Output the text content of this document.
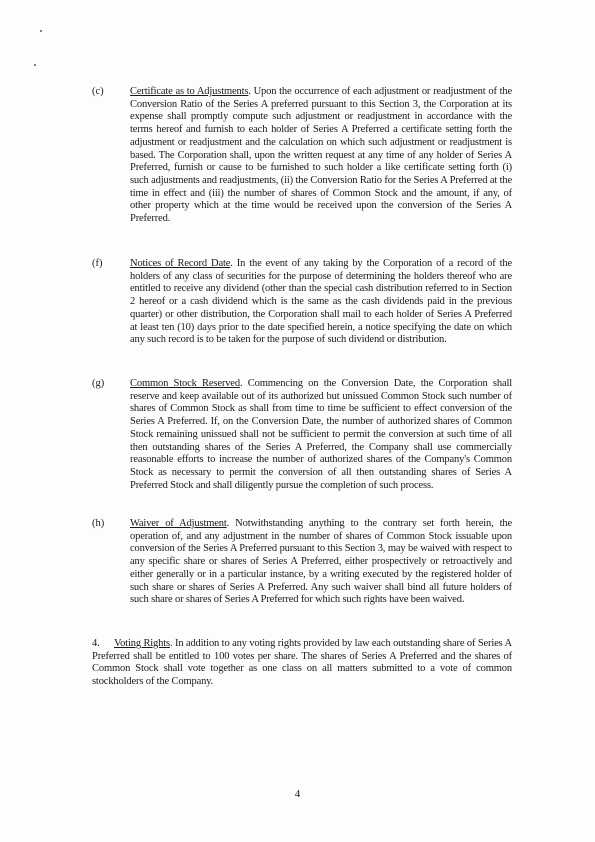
(c)	Certificate as to Adjustments. Upon the occurrence of each adjustment or readjustment of the Conversion Ratio of the Series A preferred pursuant to this Section 3, the Corporation at its expense shall promptly compute such adjustment or readjustment in accordance with the terms hereof and furnish to each holder of Series A Preferred a certificate setting forth the adjustment or readjustment and the calculation on which such adjustment or readjustment is based. The Corporation shall, upon the written request at any time of any holder of Series A Preferred, furnish or cause to be furnished to such holder a like certificate setting forth (i) such adjustments and readjustments, (ii) the Conversion Ratio for the Series A Preferred at the time in effect and (iii) the number of shares of Common Stock and the amount, if any, of other property which at the time would be received upon the conversion of the Series A Preferred.

(f)	Notices of Record Date. In the event of any taking by the Corporation of a record of the holders of any class of securities for the purpose of determining the holders thereof who are entitled to receive any dividend (other than the special cash distribution referred to in Section 2 hereof or a cash dividend which is the same as the cash dividends paid in the previous quarter) or other distribution, the Corporation shall mail to each holder of Series A Preferred at least ten (10) days prior to the date specified herein, a notice specifying the date on which any such record is to be taken for the purpose of such dividend or distribution.

(g) Common Stock Reserved. Commencing on the Conversion Date, the Corporation shall reserve and keep available out of its authorized but unissued Common Stock such number of shares of Common Stock as shall from time to time be sufficient to effect conversion of the Series A Preferred. If, on the Conversion Date, the number of authorized shares of Common Stock remaining unissued shall not be sufficient to permit the conversion at such time of all then outstanding shares of the Series A Preferred, the Company shall use commercially reasonable efforts to increase the number of authorized shares of the Company's Common Stock as necessary to permit the conversion of all then outstanding shares of Series A Preferred Stock and shall diligently pursue the completion of such process.

(h) Waiver of Adjustment. Notwithstanding anything to the contrary set forth herein, the operation of, and any adjustment in the number of shares of Common Stock issuable upon conversion of the Series A Preferred pursuant to this Section 3, may be waived with respect to any specific share or shares of Series A Preferred, either prospectively or retroactively and either generally or in a particular instance, by a writing executed by the registered holder of such share or shares of Series A Preferred. Any such waiver shall bind all future holders of such share or shares of Series A Preferred for which such rights have been waived.

4. Voting Rights. In addition to any voting rights provided by law each outstanding share of Series A Preferred shall be entitled to 100 votes per share. The shares of Series A Preferred and the shares of Common Stock shall vote together as one class on all matters submitted to a vote of common stockholders of the Company.

4
